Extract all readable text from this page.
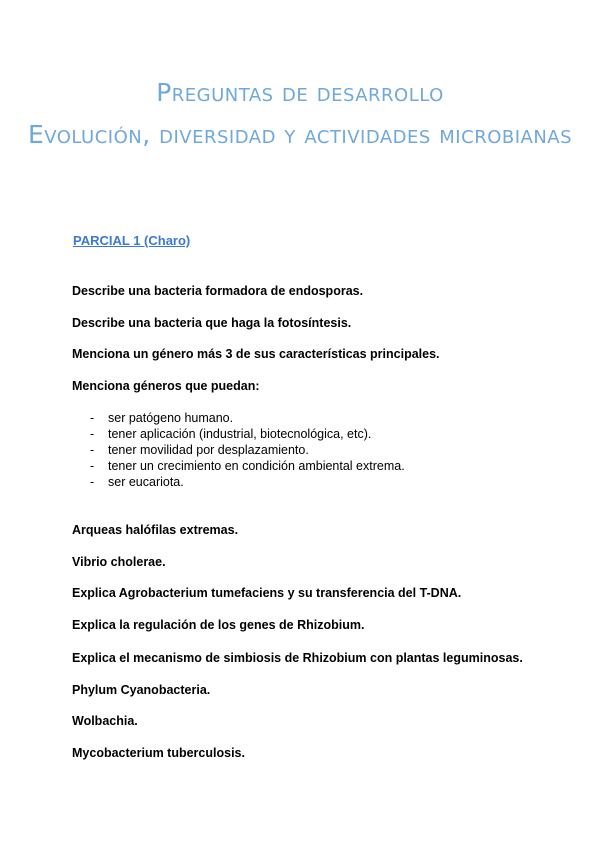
Preguntas de desarrollo
Evolución, diversidad y actividades microbianas
PARCIAL 1 (Charo)
Describe una bacteria formadora de endosporas.
Describe una bacteria que haga la fotosíntesis.
Menciona un género más 3 de sus características principales.
Menciona géneros que puedan:
- ser patógeno humano.
- tener aplicación (industrial, biotecnológica, etc).
- tener movilidad por desplazamiento.
- tener un crecimiento en condición ambiental extrema.
- ser eucariota.
Arqueas halófilas extremas.
Vibrio cholerae.
Explica Agrobacterium tumefaciens y su transferencia del T-DNA.
Explica la regulación de los genes de Rhizobium.
Explica el mecanismo de simbiosis de Rhizobium con plantas leguminosas.
Phylum Cyanobacteria.
Wolbachia.
Mycobacterium tuberculosis.
